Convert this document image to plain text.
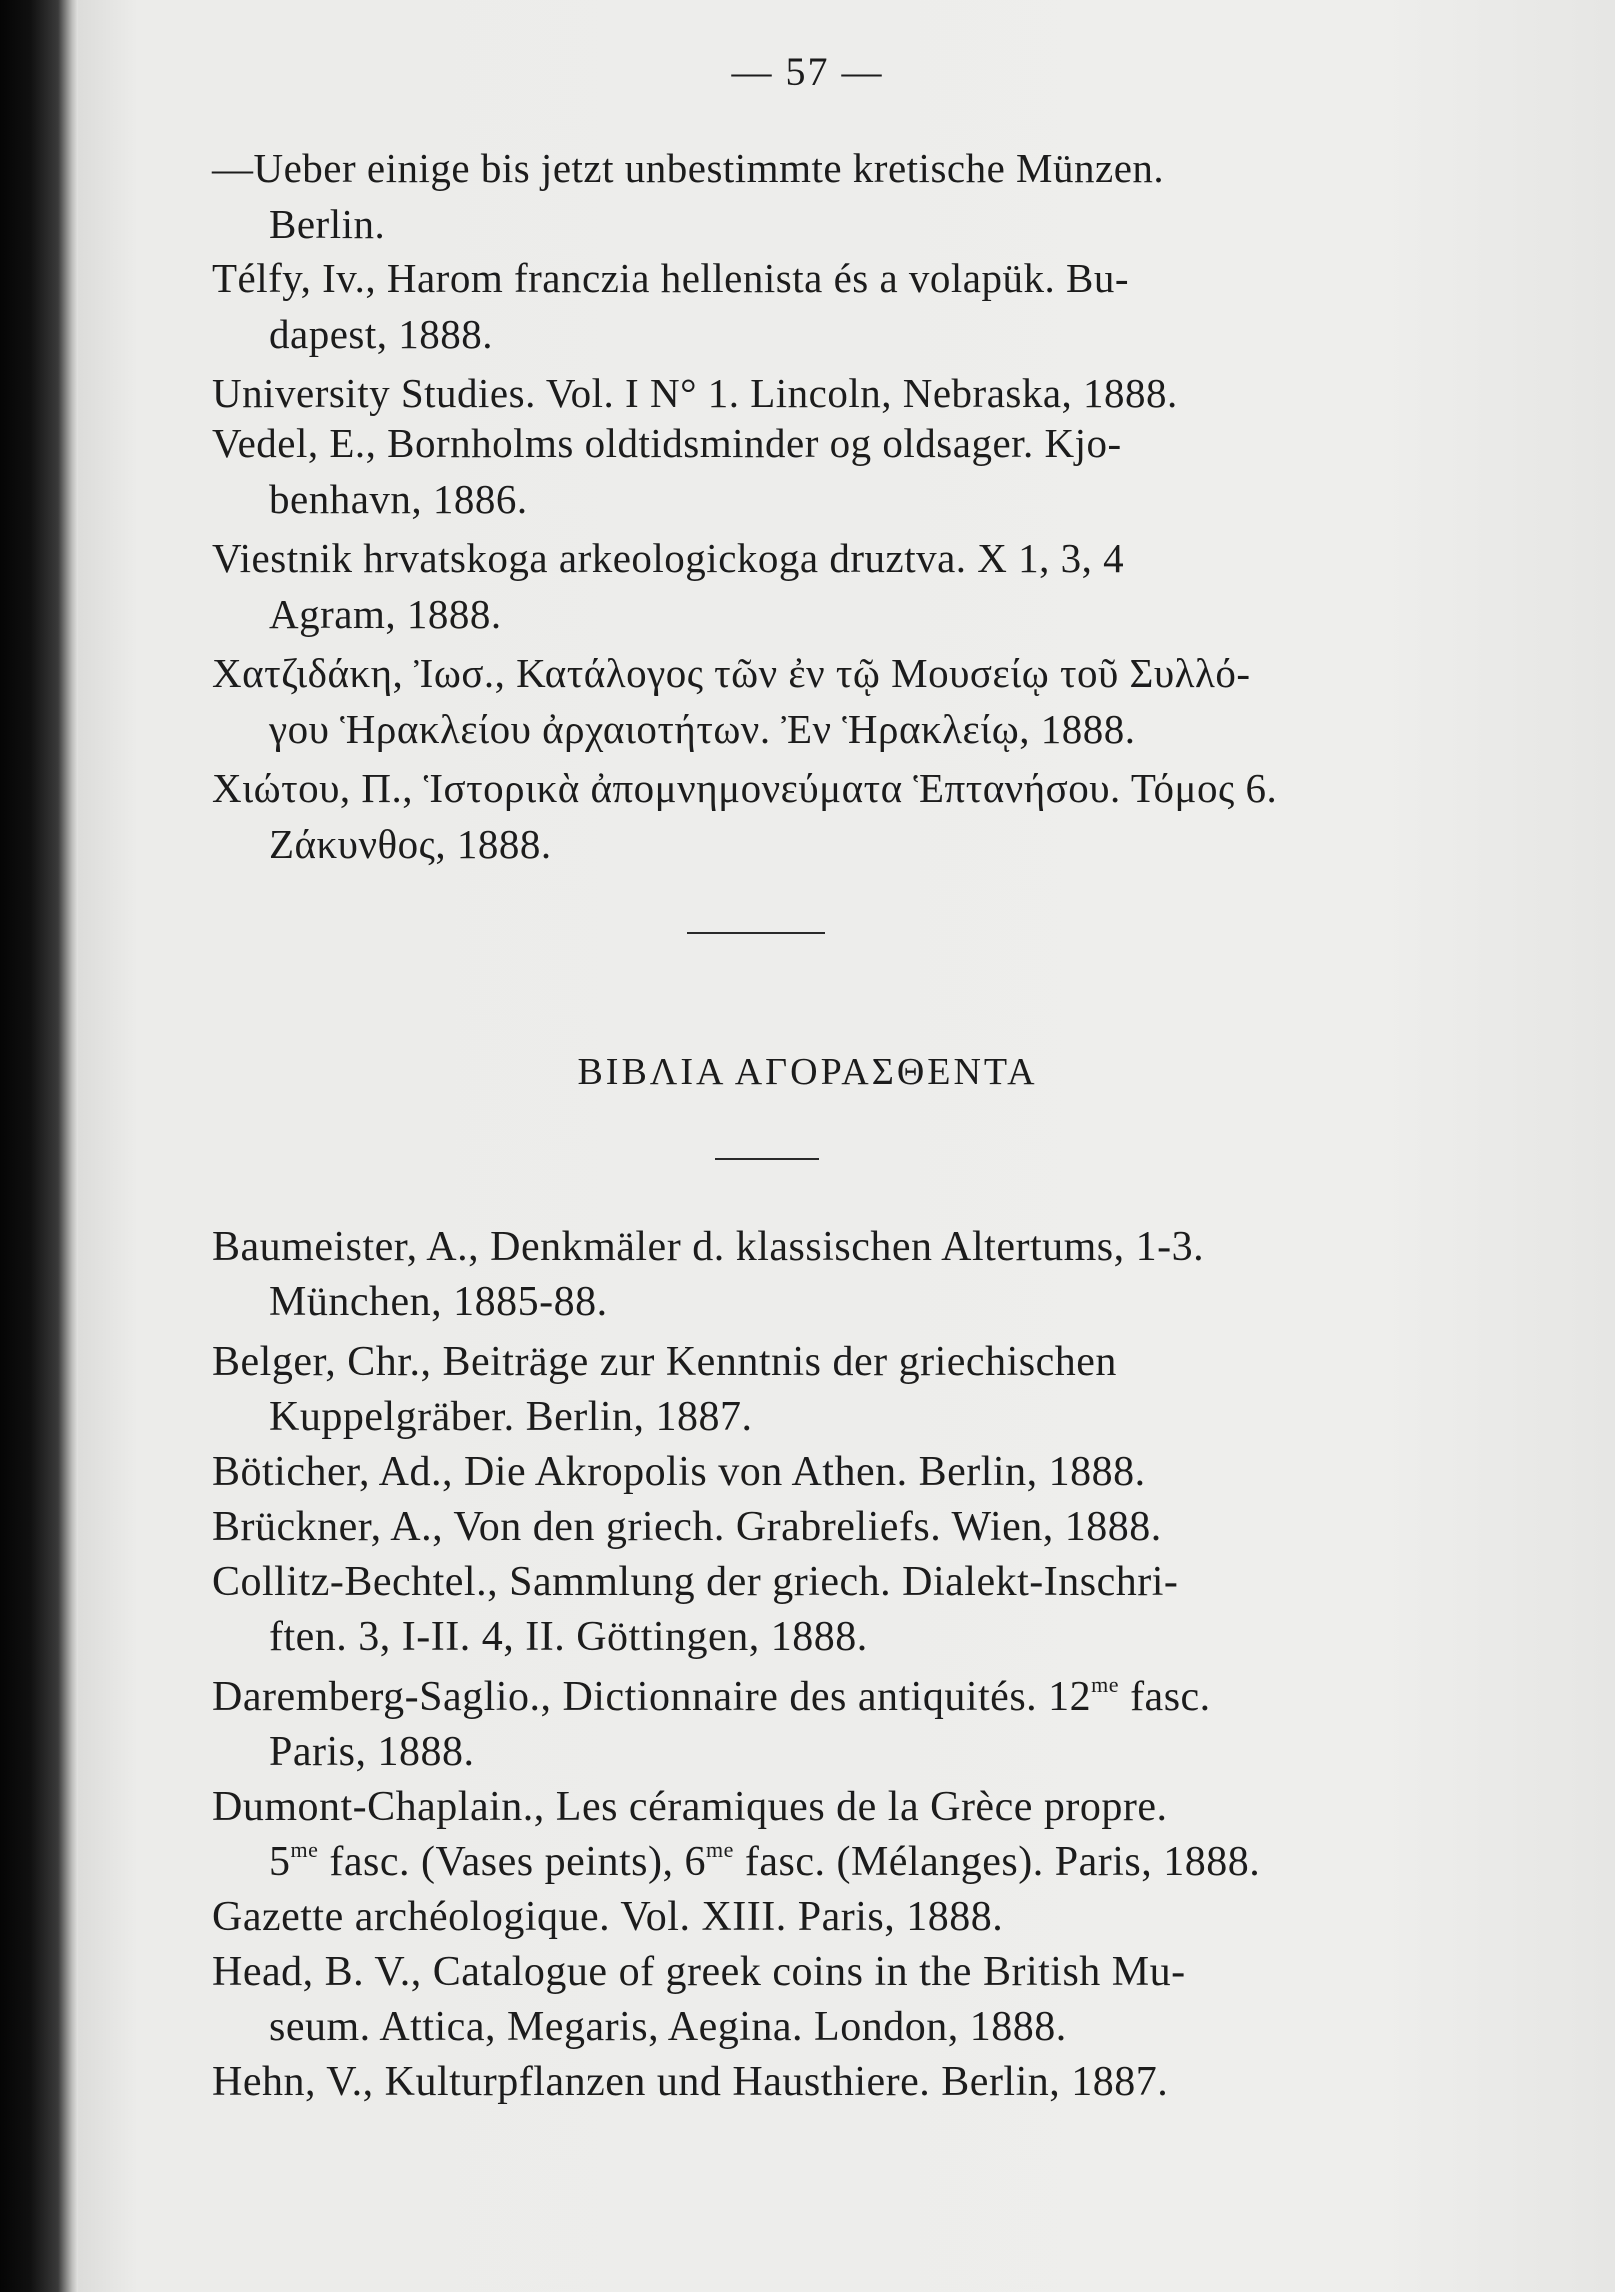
— 57 —
—Ueber einige bis jetzt unbestimmte kretische Münzen.
Berlin.
Télfy, Iv., Harom franczia hellenista és a volapük. Bu-
dapest, 1888.
University Studies. Vol. I N° 1. Lincoln, Nebraska, 1888.
Vedel, E., Bornholms oldtidsminder og oldsager. Kjo-
benhavn, 1886.
Viestnik hrvatskoga arkeologickoga druztva. X 1, 3, 4
Agram, 1888.
Χατζιδάκη, Ἰωσ., Κατάλογος τῶν ἐν τῷ Μουσείῳ τοῦ Συλλό-
γου Ἡρακλείου ἀρχαιοτήτων. Ἐν Ἡρακλείῳ, 1888.
Χιώτου, Π., Ἱστορικὰ ἀπομνημονεύματα Ἑπτανήσου. Τόμος 6.
Ζάκυνθος, 1888.
ΒΙΒΛΙΑ ΑΓΟΡΑΣΘΕΝΤΑ
Baumeister, A., Denkmäler d. klassischen Altertums, 1-3.
München, 1885-88.
Belger, Chr., Beiträge zur Kenntnis der griechischen
Kuppelgräber. Berlin, 1887.
Böticher, Ad., Die Akropolis von Athen. Berlin, 1888.
Brückner, A., Von den griech. Grabreliefs. Wien, 1888.
Collitz-Bechtel., Sammlung der griech. Dialekt-Inschri-
ften. 3, I-II. 4, II. Göttingen, 1888.
Daremberg-Saglio., Dictionnaire des antiquités. $12^{me}$ fasc.
Paris, 1888.
Dumont-Chaplain., Les céramiques de la Grèce propre.
$5^{me}$ fasc. (Vases peints), $6^{me}$ fasc. (Mélanges). Paris, 1888.
Gazette archéologique. Vol. XIII. Paris, 1888.
Head, B. V., Catalogue of greek coins in the British Mu-
seum. Attica, Megaris, Aegina. London, 1888.
Hehn, V., Kulturpflanzen und Hausthiere. Berlin, 1887.
